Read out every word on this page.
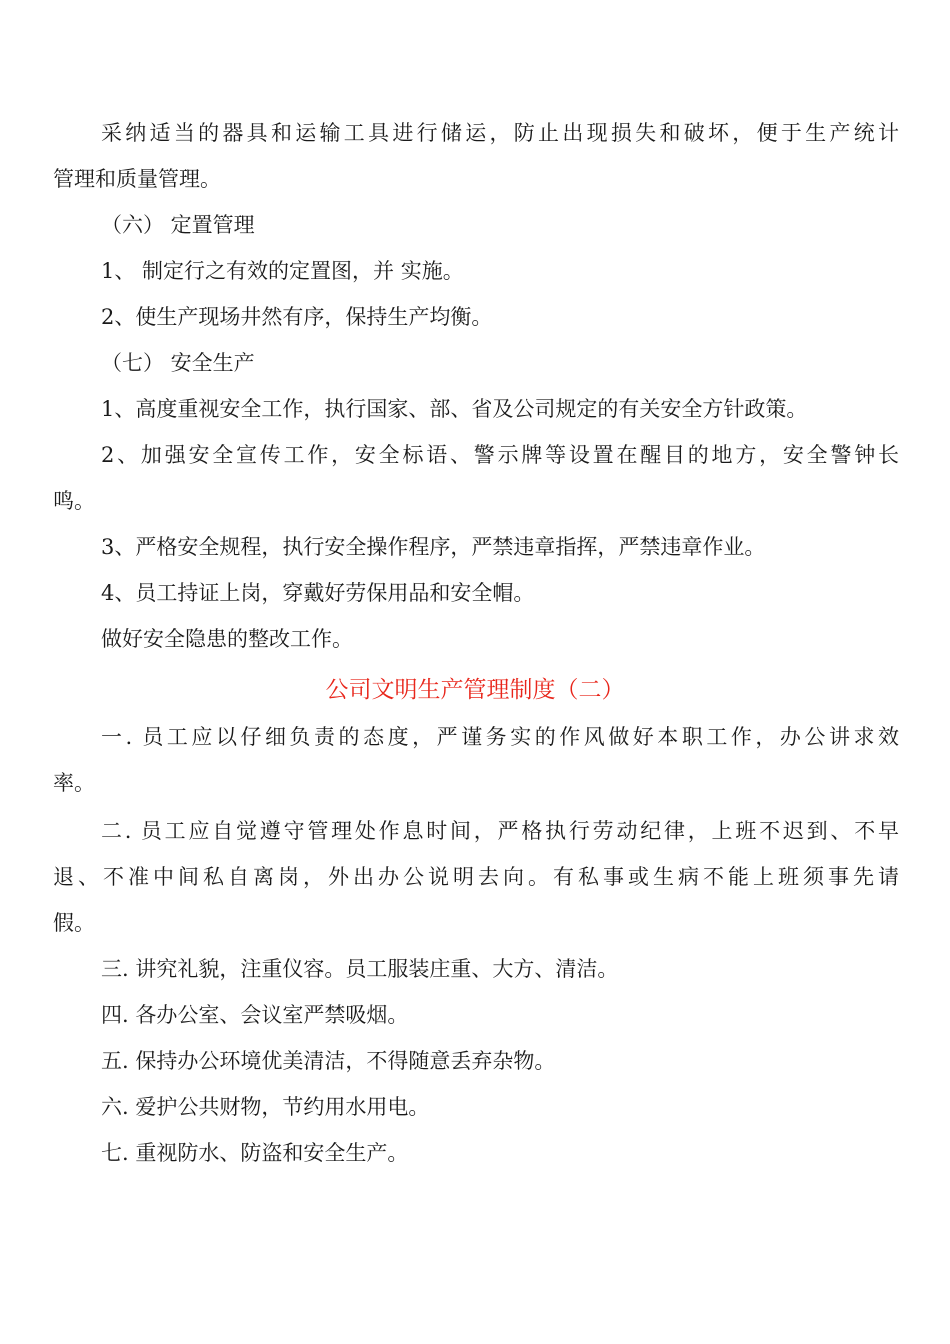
采纳适当的器具和运输工具进行储运，防止出现损失和破坏，便于生产统计
管理和质量管理。
（六） 定置管理
1、 制定行之有效的定置图，并 实施。
2、使生产现场井然有序，保持生产均衡。
（七） 安全生产
1、高度重视安全工作，执行国家、部、省及公司规定的有关安全方针政策。
2、加强安全宣传工作，安全标语、警示牌等设置在醒目的地方，安全警钟长
鸣。
3、严格安全规程，执行安全操作程序，严禁违章指挥，严禁违章作业。
4、员工持证上岗，穿戴好劳保用品和安全帽。
做好安全隐患的整改工作。
公司文明生产管理制度（二）
一. 员工应以仔细负责的态度，严谨务实的作风做好本职工作，办公讲求效
率。
二. 员工应自觉遵守管理处作息时间，严格执行劳动纪律，上班不迟到、不早
退、不准中间私自离岗，外出办公说明去向。有私事或生病不能上班须事先请
假。
三. 讲究礼貌，注重仪容。员工服装庄重、大方、清洁。
四. 各办公室、会议室严禁吸烟。
五. 保持办公环境优美清洁，不得随意丢弃杂物。
六. 爱护公共财物，节约用水用电。
七. 重视防水、防盗和安全生产。
